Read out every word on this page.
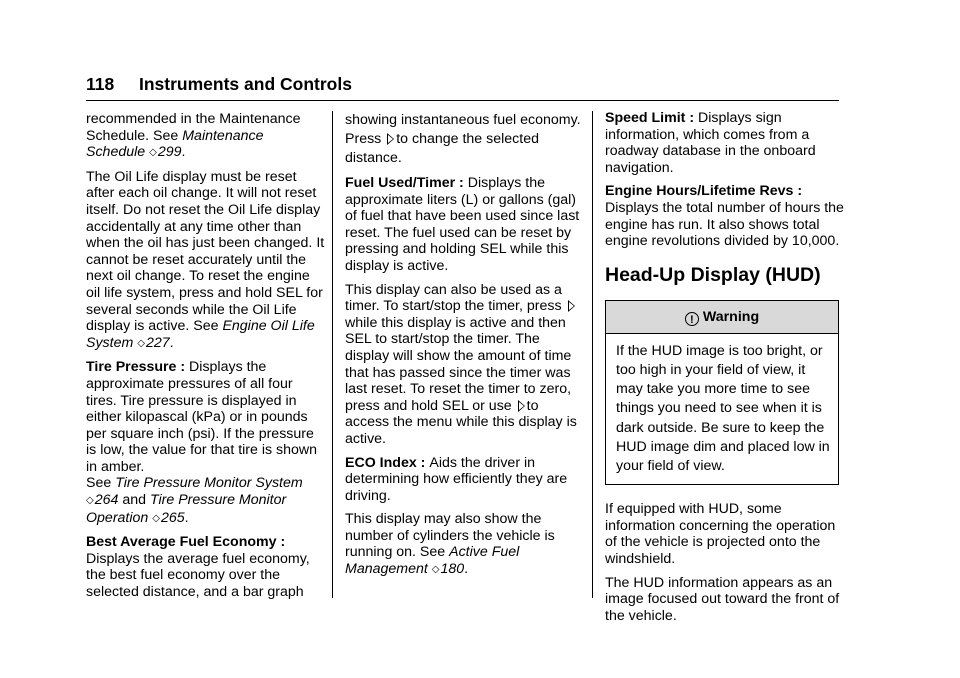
118 Instruments and Controls

recommended in the Maintenance Schedule. See Maintenance Schedule ◇299.

The Oil Life display must be reset after each oil change. It will not reset itself. Do not reset the Oil Life display accidentally at any time other than when the oil has just been changed. It cannot be reset accurately until the next oil change. To reset the engine oil life system, press and hold SEL for several seconds while the Oil Life display is active. See Engine Oil Life System ◇227.

Tire Pressure : Displays the approximate pressures of all four tires. Tire pressure is displayed in either kilopascal (kPa) or in pounds per square inch (psi). If the pressure is low, the value for that tire is shown in amber.
See Tire Pressure Monitor System
◇264 and Tire Pressure Monitor Operation ◇265.

Best Average Fuel Economy : Displays the average fuel economy, the best fuel economy over the selected distance, and a bar graph

showing instantaneous fuel economy. Press to change the selected distance.

Fuel Used/Timer : Displays the approximate liters (L) or gallons (gal) of fuel that have been used since last reset. The fuel used can be reset by pressing and holding SEL while this display is active.

This display can also be used as a timer. To start/stop the timer, press while this display is active and then SEL to start/stop the timer. The display will show the amount of time that has passed since the timer was last reset. To reset the timer to zero, press and hold SEL or use to access the menu while this display is active.

ECO Index : Aids the driver in determining how efficiently they are driving.

This display may also show the number of cylinders the vehicle is running on. See Active Fuel Management ◇180.

Speed Limit : Displays sign information, which comes from a roadway database in the onboard navigation.

Engine Hours/Lifetime Revs : Displays the total number of hours the engine has run. It also shows total engine revolutions divided by 10,000.

Head-Up Display (HUD)
! Warning
If the HUD image is too bright, or too high in your field of view, it may take you more time to see things you need to see when it is dark outside. Be sure to keep the HUD image dim and placed low in your field of view.

If equipped with HUD, some information concerning the operation of the vehicle is projected onto the windshield.

The HUD information appears as an image focused out toward the front of the vehicle.
